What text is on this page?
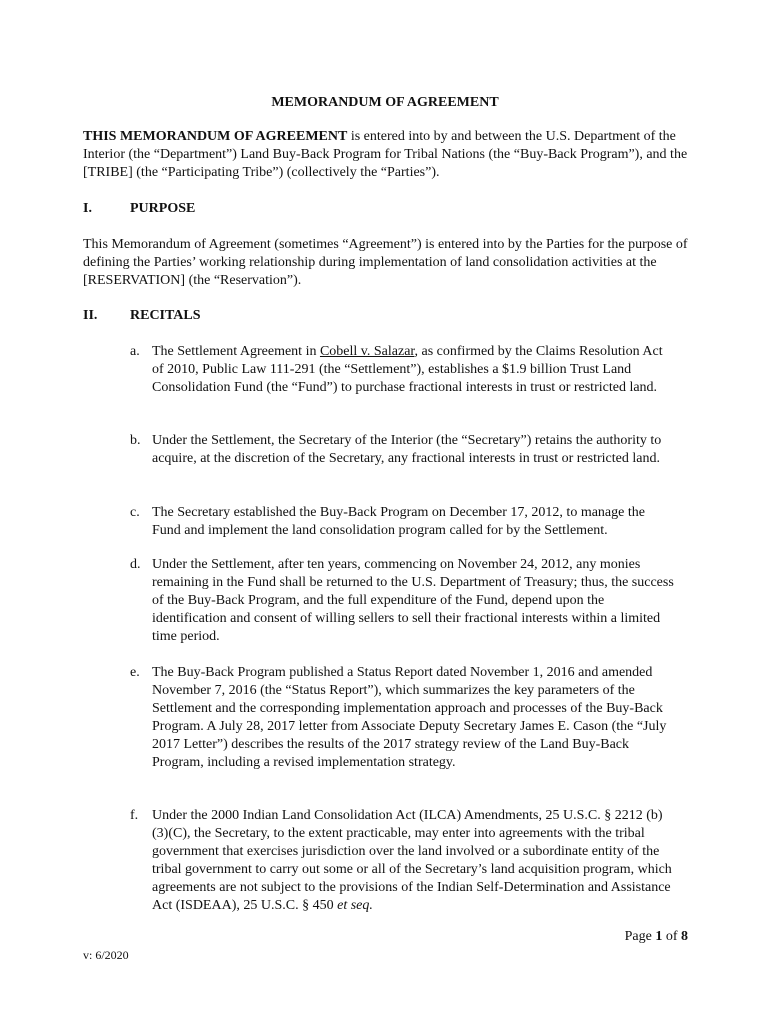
MEMORANDUM OF AGREEMENT
THIS MEMORANDUM OF AGREEMENT is entered into by and between the U.S. Department of the Interior (the “Department”) Land Buy-Back Program for Tribal Nations (the “Buy-Back Program”), and the [TRIBE] (the “Participating Tribe”) (collectively the “Parties”).
I.	PURPOSE
This Memorandum of Agreement (sometimes “Agreement”) is entered into by the Parties for the purpose of defining the Parties’ working relationship during implementation of land consolidation activities at the [RESERVATION] (the “Reservation”).
II. RECITALS
a. The Settlement Agreement in Cobell v. Salazar, as confirmed by the Claims Resolution Act of 2010, Public Law 111-291 (the “Settlement”), establishes a $1.9 billion Trust Land Consolidation Fund (the “Fund”) to purchase fractional interests in trust or restricted land.
b. Under the Settlement, the Secretary of the Interior (the “Secretary”) retains the authority to acquire, at the discretion of the Secretary, any fractional interests in trust or restricted land.
c. The Secretary established the Buy-Back Program on December 17, 2012, to manage the Fund and implement the land consolidation program called for by the Settlement.
d. Under the Settlement, after ten years, commencing on November 24, 2012, any monies remaining in the Fund shall be returned to the U.S. Department of Treasury; thus, the success of the Buy-Back Program, and the full expenditure of the Fund, depend upon the identification and consent of willing sellers to sell their fractional interests within a limited time period.
e. The Buy-Back Program published a Status Report dated November 1, 2016 and amended November 7, 2016 (the “Status Report”), which summarizes the key parameters of the Settlement and the corresponding implementation approach and processes of the Buy-Back Program. A July 28, 2017 letter from Associate Deputy Secretary James E. Cason (the “July 2017 Letter”) describes the results of the 2017 strategy review of the Land Buy-Back Program, including a revised implementation strategy.
f. Under the 2000 Indian Land Consolidation Act (ILCA) Amendments, 25 U.S.C. § 2212 (b)(3)(C), the Secretary, to the extent practicable, may enter into agreements with the tribal government that exercises jurisdiction over the land involved or a subordinate entity of the tribal government to carry out some or all of the Secretary’s land acquisition program, which agreements are not subject to the provisions of the Indian Self-Determination and Assistance Act (ISDEAA), 25 U.S.C. § 450 et seq.
Page 1 of 8
v: 6/2020
